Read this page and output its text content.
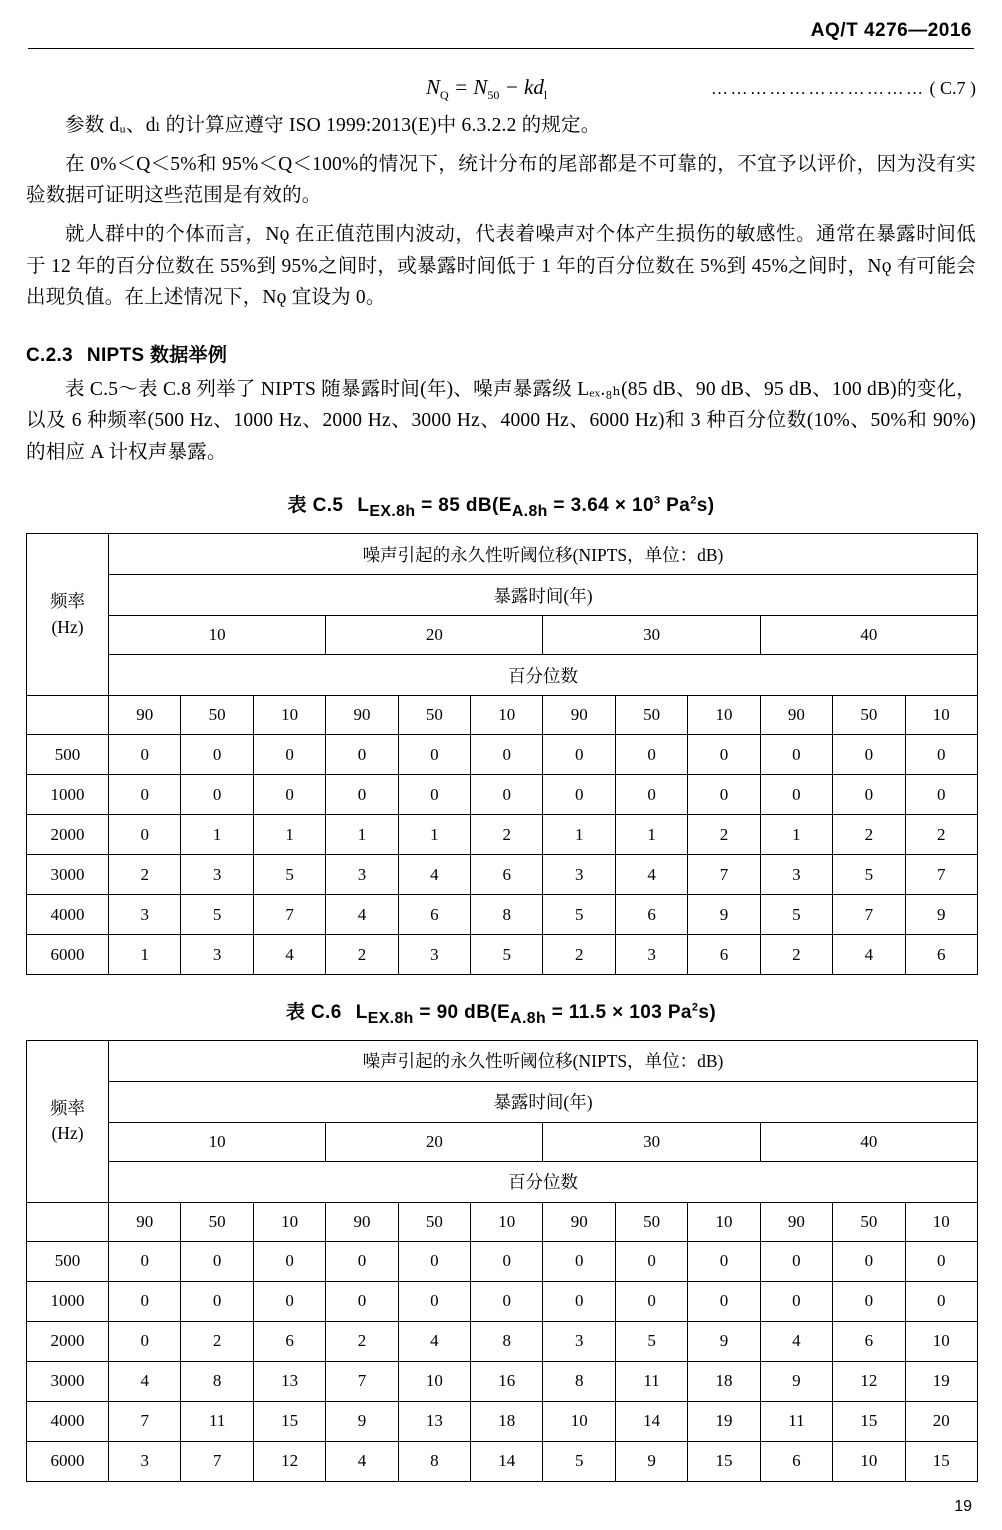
AQ/T 4276—2016
$N_Q = N_{50} - kd_l$	…………………………… ( C.7 )

参数 dᵤ、dₗ 的计算应遵守 ISO 1999:2013(E)中 6.3.2.2 的规定。

在 0%＜Q＜5%和 95%＜Q＜100%的情况下，统计分布的尾部都是不可靠的，不宜予以评价，因为没有实验数据可证明这些范围是有效的。

就人群中的个体而言，Nǫ 在正值范围内波动，代表着噪声对个体产生损伤的敏感性。通常在暴露时间低于 12 年的百分位数在 55%到 95%之间时，或暴露时间低于 1 年的百分位数在 5%到 45%之间时，Nǫ 有可能会出现负值。在上述情况下，Nǫ 宜设为 0。

C.2.3 NIPTS 数据举例

表 C.5～表 C.8 列举了 NIPTS 随暴露时间(年)、噪声暴露级 Lₑₓ.₈ₕ(85 dB、90 dB、95 dB、100 dB)的变化，以及 6 种频率(500 Hz、1000 Hz、2000 Hz、3000 Hz、4000 Hz、6000 Hz)和 3 种百分位数(10%、50%和 90%)的相应 A 计权声暴露。

表 C.5 $L_{EX.8h} = 85$ $dB(E_{A.8h} = 3.64 \times 10^3$ Pa$^2$s)
频率
(Hz)	噪声引起的永久性听阈位移(NIPTS，单位：dB)											
	暴露时间(年)											
	10			20			30			40		
	百分位数											
	90	50	10	90	50	10	90	50	10	90	50	10
500	0	0	0	0	0	0	0	0	0	0	0	0
1000	0	0	0	0	0	0	0	0	0	0	0	0
2000	0	1	1	1	1	2	1	1	2	1	2	2
3000	2	3	5	3	4	6	3	4	7	3	5	7
4000	3	5	7	4	6	8	5	6	9	5	7	9
6000	1	3	4	2	3	5	2	3	6	2	4	6
表 C.6 $L_{EX.8h} = 90$ $dB(E_{A.8h} = 11.5 \times 103$ Pa$^2$s)
频率
(Hz)	噪声引起的永久性听阈位移(NIPTS，单位：dB)											
	暴露时间(年)											
	10			20			30			40		
	百分位数											
	90	50	10	90	50	10	90	50	10	90	50	10
500	0	0	0	0	0	0	0	0	0	0	0	0
1000	0	0	0	0	0	0	0	0	0	0	0	0
2000	0	2	6	2	4	8	3	5	9	4	6	10
3000	4	8	13	7	10	16	8	11	18	9	12	19
4000	7	11	15	9	13	18	10	14	19	11	15	20
6000	3	7	12	4	8	14	5	9	15	6	10	15
19
